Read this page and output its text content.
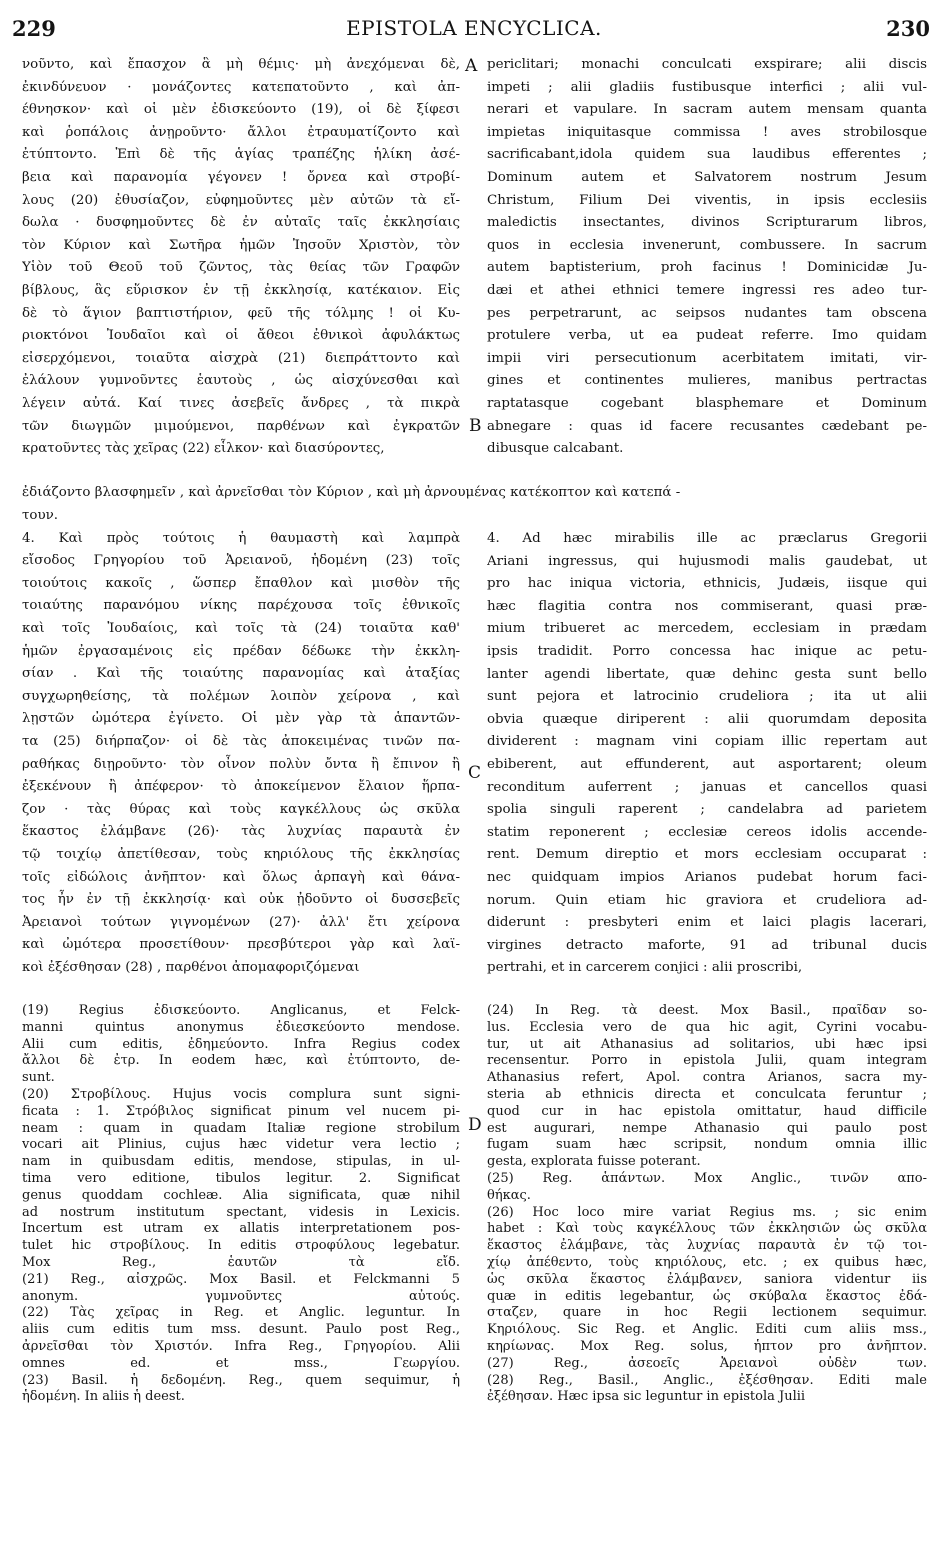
229	EPISTOLA ENCYCLICA.	230
νοῦντο, καὶ ἔπασχον ἃ μὴ θέμις· μὴ ἀνεχόμεναι δὲ,
ἐκινδύνευον · μονάζοντες κατεπατοῦντο , καὶ ἀπ-
έθνησκον· καὶ οἱ μὲν ἐδισκεύοντο (19), οἱ δὲ ξίφεσι
καὶ ῥοπάλοις ἀνῃροῦντο· ἄλλοι ἐτραυματίζοντο καὶ
ἐτύπτοντο. Ἐπὶ δὲ τῆς ἁγίας τραπέζης ἡλίκη ἀσέ-
βεια καὶ παρανομία γέγονεν ! ὄρνεα καὶ στροβί-
λους (20) ἐθυσίαζον, εὐφημοῦντες μὲν αὐτῶν τὰ εἴ-
δωλα · δυσφημοῦντες δὲ ἐν αὐταῖς ταῖς ἐκκλησίαις
τὸν Κύριον καὶ Σωτῆρα ἡμῶν Ἰησοῦν Χριστὸν, τὸν
Υἱὸν τοῦ Θεοῦ τοῦ ζῶντος, τὰς θείας τῶν Γραφῶν
βίβλους, ἃς εὕρισκον ἐν τῇ ἐκκλησίᾳ, κατέκαιον. Εἰς
δὲ τὸ ἅγιον βαπτιστήριον, φεῦ τῆς τόλμης ! οἱ Κυ-
ριοκτόνοι Ἰουδαῖοι καὶ οἱ ἄθεοι ἐθνικοὶ ἀφυλάκτως
εἰσερχόμενοι, τοιαῦτα αἰσχρὰ (21) διεπράττοντο καὶ
ἐλάλουν γυμνοῦντες ἑαυτοὺς , ὡς αἰσχύνεσθαι καὶ
λέγειν αὐτά. Καί τινες ἀσεβεῖς ἄνδρες , τὰ πικρὰ
τῶν διωγμῶν μιμούμενοι, παρθένων καὶ ἐγκρατῶν
κρατοῦντες τὰς χεῖρας (22) εἷλκον· καὶ διασύροντες,
periclitari; monachi conculcati exspirare; alii discis
impeti ; alii gladiis fustibusque interfici ; alii vul-
nerari et vapulare. In sacram autem mensam quanta
impietas iniquitasque commissa ! aves strobilosque
sacrificabant,idola quidem sua laudibus efferentes ;
Dominum autem et Salvatorem nostrum Jesum
Christum, Filium Dei viventis, in ipsis ecclesiis
maledictis insectantes, divinos Scripturarum libros,
quos in ecclesia invenerunt, combussere. In sacrum
autem baptisterium, proh facinus ! Dominicidæ Ju-
dæi et athei ethnici temere ingressi res adeo tur-
pes perpetrarunt, ac seipsos nudantes tam obscena
protulere verba, ut ea pudeat referre. Imo quidam
impii viri persecutionum acerbitatem imitati, vir-
gines et continentes mulieres, manibus pertractas
raptatasque cogebant blasphemare et Dominum
abnegare : quas id facere recusantes cædebant pe-
dibusque calcabant.
A
B
C
D
ἐδιάζοντο βλασφημεῖν , καὶ ἀρνεῖσθαι τὸν Κύριον , καὶ μὴ ἀρνουμένας κατέκοπτον καὶ κατεπά -
τουν.
4. Καὶ πρὸς τούτοις ἡ θαυμαστὴ καὶ λαμπρὰ
εἴσοδος Γρηγορίου τοῦ Ἀρειανοῦ, ἡδομένη (23) τοῖς
τοιούτοις κακοῖς , ὥσπερ ἔπαθλον καὶ μισθὸν τῆς
τοιαύτης παρανόμου νίκης παρέχουσα τοῖς ἐθνικοῖς
καὶ τοῖς Ἰουδαίοις, καὶ τοῖς τὰ (24) τοιαῦτα καθ'
ἡμῶν ἐργασαμένοις εἰς πρέδαν δέδωκε τὴν ἐκκλη-
σίαν . Καὶ τῆς τοιαύτης παρανομίας καὶ ἀταξίας
συγχωρηθείσης, τὰ πολέμων λοιπὸν χείρονα , καὶ
λῃστῶν ὠμότερα ἐγίνετο. Οἱ μὲν γὰρ τὰ ἁπαντῶν-
τα (25) διήρπαζον· οἱ δὲ τὰς ἀποκειμένας τινῶν πα-
ραθήκας διῃροῦντο· τὸν οἶνον πολὺν ὄντα ἢ ἔπινον ἢ
ἐξεκένουν ἢ ἀπέφερον· τὸ ἀποκείμενον ἔλαιον ἥρπα-
ζον · τὰς θύρας καὶ τοὺς καγκέλλους ὡς σκῦλα
ἕκαστος ἐλάμβανε (26)· τὰς λυχνίας παραυτὰ ἐν
τῷ τοιχίῳ ἀπετίθεσαν, τοὺς κηριόλους τῆς ἐκκλησίας
τοῖς εἰδώλοις ἀνῆπτον· καὶ ὅλως ἁρπαγὴ καὶ θάνα-
τος ἦν ἐν τῇ ἐκκλησίᾳ· καὶ οὐκ ᾐδοῦντο οἱ δυσσεβεῖς
Ἀρειανοὶ τούτων γιγνομένων (27)· ἀλλ' ἔτι χείρονα
καὶ ὠμότερα προσετίθουν· πρεσβύτεροι γὰρ καὶ λαϊ-
κοὶ ἐξέσθησαν (28) , παρθένοι ἀπομαφοριζόμεναι
4. Ad hæc mirabilis ille ac præclarus Gregorii
Ariani ingressus, qui hujusmodi malis gaudebat, ut
pro hac iniqua victoria, ethnicis, Judæis, iisque qui
hæc flagitia contra nos commiserant, quasi præ-
mium tribueret ac mercedem, ecclesiam in prædam
ipsis tradidit. Porro concessa hac inique ac petu-
lanter agendi libertate, quæ dehinc gesta sunt bello
sunt pejora et latrocinio crudeliora ; ita ut alii
obvia quæque diriperent : alii quorumdam deposita
dividerent : magnam vini copiam illic repertam aut
ebiberent, aut effunderent, aut asportarent; oleum
reconditum auferrent ; januas et cancellos quasi
spolia singuli raperent ; candelabra ad parietem
statim reponerent ; ecclesiæ cereos idolis accende-
rent. Demum direptio et mors ecclesiam occuparat :
nec quidquam impios Arianos pudebat horum faci-
norum. Quin etiam hic graviora et crudeliora ad-
diderunt : presbyteri enim et laici plagis lacerari,
virgines detracto maforte, 91 ad tribunal ducis
pertrahi, et in carcerem conjici : alii proscribi,
(19) Regius ἐδισκεύοντο. Anglicanus, et Felck-
manni quintus anonymus ἐδιεσκεύοντο mendose.
Alii cum editis, ἐδημεύοντο. Infra Regius codex
ἄλλοι δὲ ἐτρ. In eodem hæc, καὶ ἐτύπτοντο, de-
sunt.
(20) Στροβίλους. Hujus vocis complura sunt signi-
ficata : 1. Στρόβιλος significat pinum vel nucem pi-
neam : quam in quadam Italiæ regione strobilum
vocari ait Plinius, cujus hæc videtur vera lectio ;
nam in quibusdam editis, mendose, stipulas, in ul-
tima vero editione, tibulos legitur. 2. Significat
genus quoddam cochleæ. Alia significata, quæ nihil
ad nostrum institutum spectant, videsis in Lexicis.
Incertum est utram ex allatis interpretationem pos-
tulet hic στροβίλους. In editis στροφύλους legebatur.
Mox Reg., ἑαυτῶν τὰ εἴδ.
(21) Reg., αἰσχρῶς. Mox Basil. et Felckmanni 5
anonym. γυμνοῦντες αὐτούς.
(22) Τὰς χεῖρας in Reg. et Anglic. leguntur. In
aliis cum editis tum mss. desunt. Paulo post Reg.,
ἀρνεῖσθαι τὸν Χριστόν. Infra Reg., Γρηγορίου. Alii
omnes ed. et mss., Γεωργίου.
(23) Basil. ἡ δεδομένη. Reg., quem sequimur, ἡ
ἡδομένη. In aliis ἡ deest.
(24) In Reg. τὰ deest. Mox Basil., πραῖδαν so-
lus. Ecclesia vero de qua hic agit, Cyrini vocabu-
tur, ut ait Athanasius ad solitarios, ubi hæc ipsi
recensentur. Porro in epistola Julii, quam integram
Athanasius refert, Apol. contra Arianos, sacra my-
steria ab ethnicis directa et conculcata feruntur ;
quod cur in hac epistola omittatur, haud difficile
est augurari, nempe Athanasio qui paulo post
fugam suam hæc scripsit, nondum omnia illic
gesta, explorata fuisse poterant.
(25) Reg. ἁπάντων. Mox Anglic., τινῶν απο-
θήκας.
(26) Hoc loco mire variat Regius ms. ; sic enim
habet : Καὶ τοὺς καγκέλλους τῶν ἐκκλησιῶν ὡς σκῦλα
ἕκαστος ἐλάμβανε, τὰς λυχνίας παραυτὰ ἐν τῷ τοι-
χίῳ ἀπέθεντο, τοὺς κηριόλους, etc. ; ex quibus hæc,
ὡς σκῦλα ἕκαστος ἐλάμβανεν, saniora videntur iis
quæ in editis legebantur, ὡς σκύβαλα ἕκαστος ἐδά-
σταζεν, quare in hoc Regii lectionem sequimur.
Κηριόλους. Sic Reg. et Anglic. Editi cum aliis mss.,
κηρίωνας. Mox Reg. solus, ἧπτον pro ἀνῆπτον.
(27) Reg., ἀσεοεῖς Ἀρειανοὶ οὐδὲν των.
(28) Reg., Basil., Anglic., ἐξέσθησαν. Editi male
ἐξέθησαν. Hæc ipsa sic leguntur in epistola Julii
